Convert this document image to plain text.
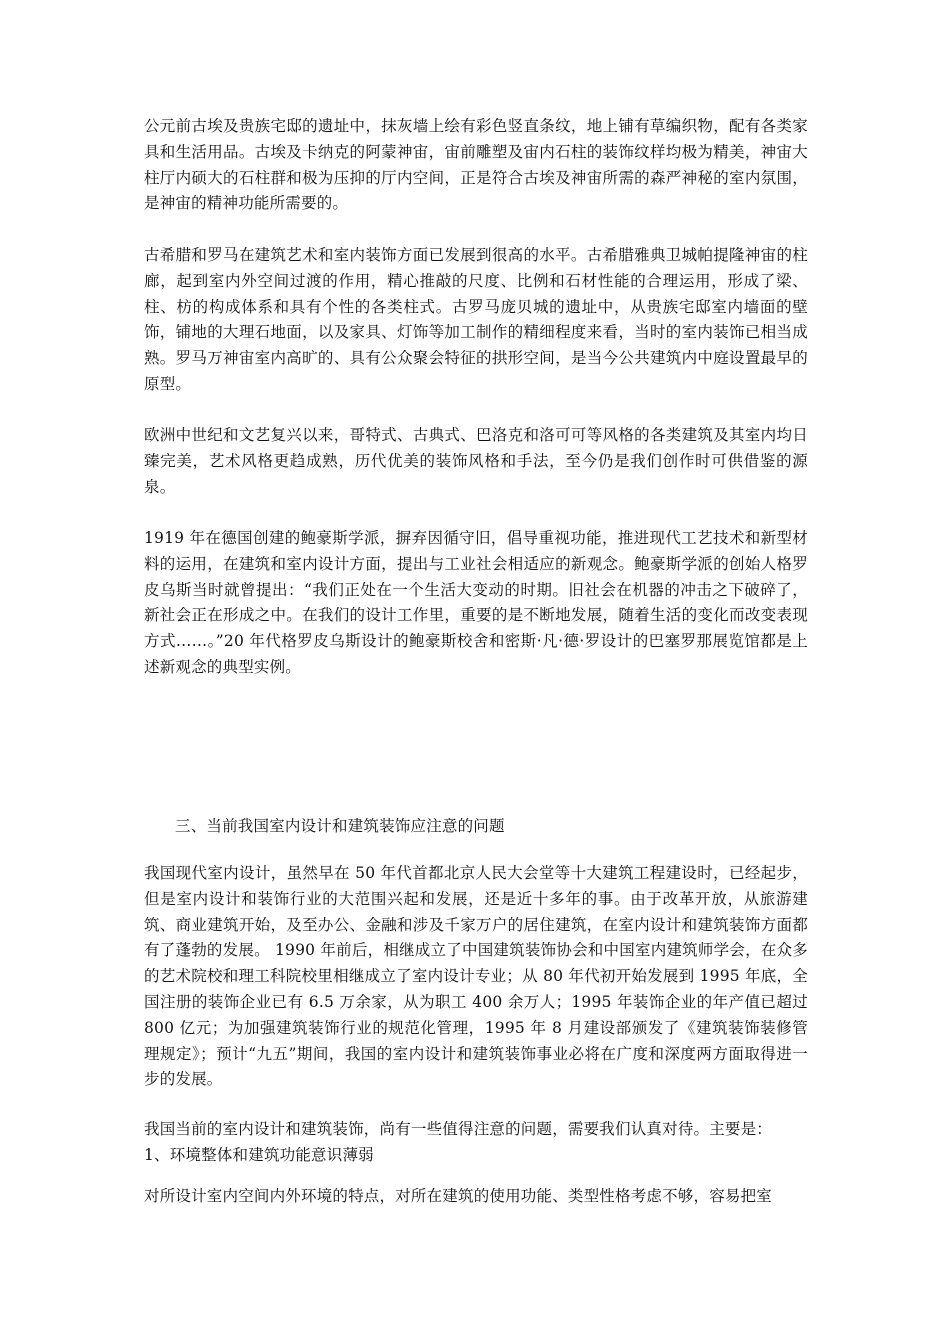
公元前古埃及贵族宅邸的遗址中，抹灰墙上绘有彩色竖直条纹，地上铺有草编织物，配有各类家具和生活用品。古埃及卡纳克的阿蒙神宙，宙前雕塑及宙内石柱的装饰纹样均极为精美，神宙大柱厅内硕大的石柱群和极为压抑的厅内空间，正是符合古埃及神宙所需的森严神秘的室内氛围，是神宙的精神功能所需要的。

古希腊和罗马在建筑艺术和室内装饰方面已发展到很高的水平。古希腊雅典卫城帕提隆神宙的柱廊，起到室内外空间过渡的作用，精心推敲的尺度、比例和石材性能的合理运用，形成了梁、柱、枋的构成体系和具有个性的各类柱式。古罗马庞贝城的遗址中，从贵族宅邸室内墙面的壁饰，铺地的大理石地面，以及家具、灯饰等加工制作的精细程度来看，当时的室内装饰已相当成熟。罗马万神宙室内高旷的、具有公众聚会特征的拱形空间，是当今公共建筑内中庭设置最早的原型。

欧洲中世纪和文艺复兴以来，哥特式、古典式、巴洛克和洛可可等风格的各类建筑及其室内均日臻完美，艺术风格更趋成熟，历代优美的装饰风格和手法，至今仍是我们创作时可供借鉴的源泉。

1919 年在德国创建的鲍豪斯学派，摒弃因循守旧，倡导重视功能，推进现代工艺技术和新型材料的运用，在建筑和室内设计方面，提出与工业社会相适应的新观念。鲍豪斯学派的创始人格罗皮乌斯当时就曾提出：“我们正处在一个生活大变动的时期。旧社会在机器的冲击之下破碎了，新社会正在形成之中。在我们的设计工作里，重要的是不断地发展，随着生活的变化而改变表现方式……。”20 年代格罗皮乌斯设计的鲍豪斯校舍和密斯·凡·德·罗设计的巴塞罗那展览馆都是上述新观念的典型实例。

三、当前我国室内设计和建筑装饰应注意的问题

我国现代室内设计，虽然早在 50 年代首都北京人民大会堂等十大建筑工程建设时，已经起步，但是室内设计和装饰行业的大范围兴起和发展，还是近十多年的事。由于改革开放，从旅游建筑、商业建筑开始，及至办公、金融和涉及千家万户的居住建筑，在室内设计和建筑装饰方面都有了蓬勃的发展。 1990 年前后，相继成立了中国建筑装饰协会和中国室内建筑师学会，在众多的艺术院校和理工科院校里相继成立了室内设计专业；从 80 年代初开始发展到 1995 年底，全国注册的装饰企业已有 6.5 万余家，从为职工 400 余万人；1995 年装饰企业的年产值已超过 800 亿元；为加强建筑装饰行业的规范化管理，1995 年 8 月建设部颁发了《建筑装饰装修管理规定》；预计“九五”期间，我国的室内设计和建筑装饰事业必将在广度和深度两方面取得进一步的发展。

我国当前的室内设计和建筑装饰，尚有一些值得注意的问题，需要我们认真对待。主要是：
1、环境整体和建筑功能意识薄弱

对所设计室内空间内外环境的特点，对所在建筑的使用功能、类型性格考虑不够，容易把室
